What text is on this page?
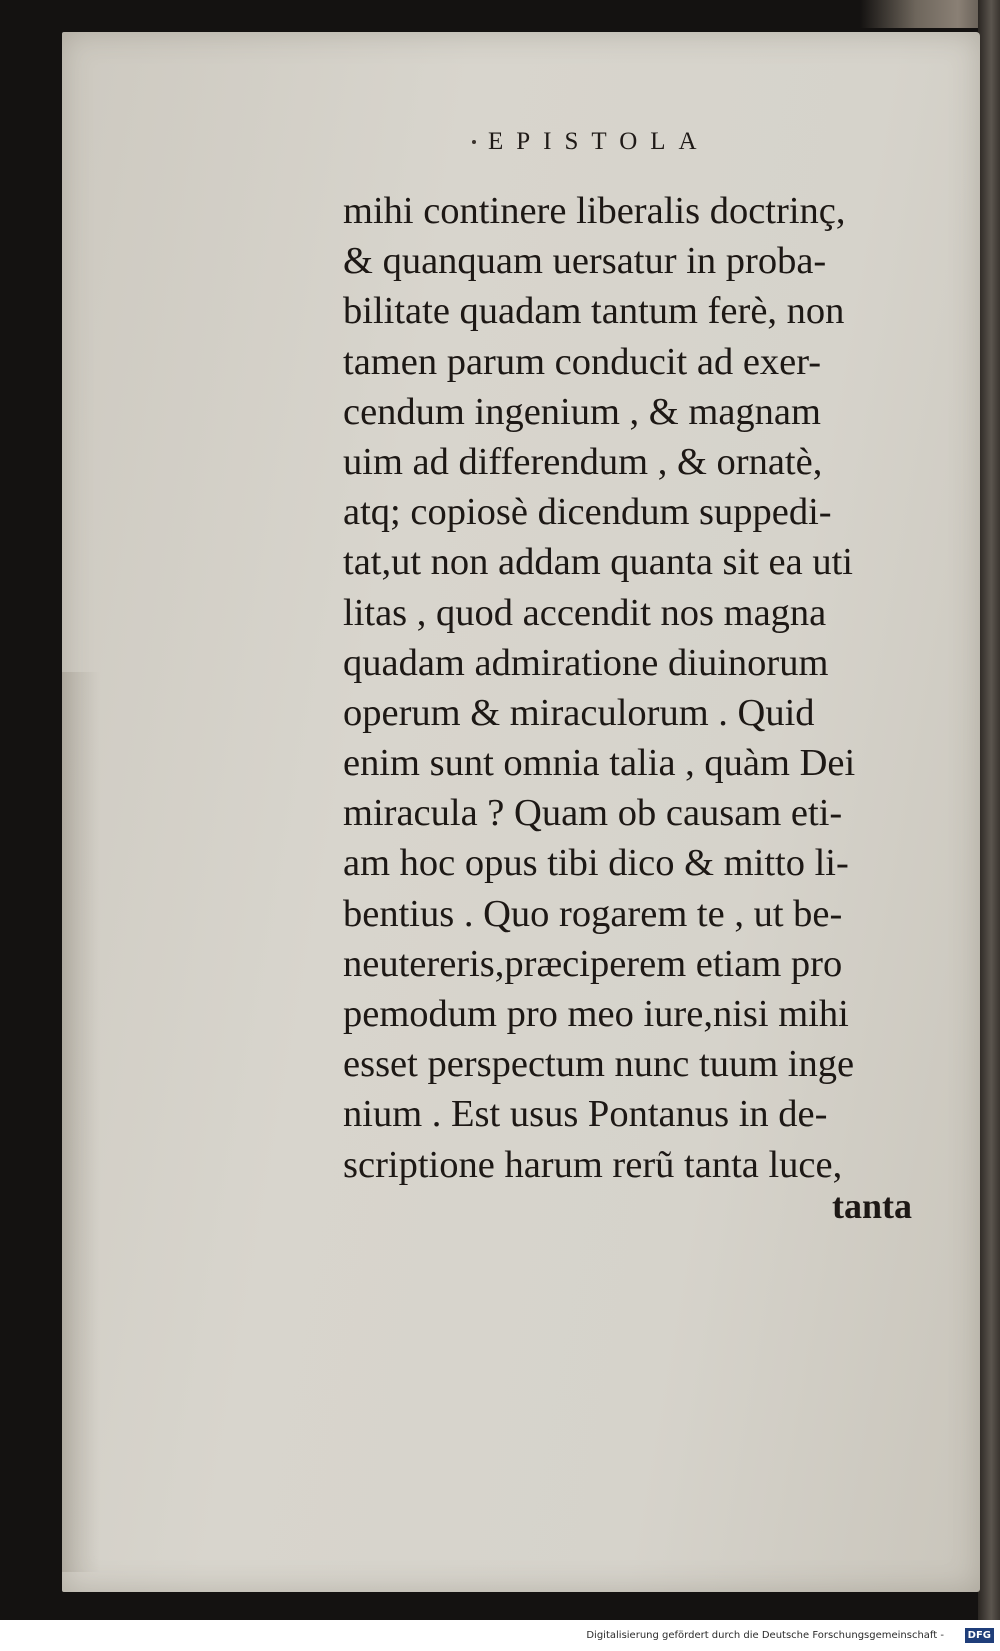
EPISTOLA
mihi continere liberalis doctrinç,
& quanquam uersatur in proba-
bilitate quadam tantum ferè, non
tamen parum conducit ad exer-
cendum ingenium , & magnam
uim ad differendum , & ornatè,
atq; copiosè dicendum suppedi-
tat,ut non addam quanta sit ea uti
litas , quod accendit nos magna
quadam admiratione diuinorum
operum & miraculorum . Quid
enim sunt omnia talia , quàm Dei
miracula ? Quam ob causam eti-
am hoc opus tibi dico & mitto li-
bentius . Quo rogarem te , ut be-
neutereris,præciperem etiam pro
pemodum pro meo iure,nisi mihi
esset perspectum nunc tuum inge
nium . Est usus Pontanus in de-
scriptione harum rerũ tanta luce,
tanta
Digitalisierung gefördert durch die Deutsche Forschungsgemeinschaft -	DFG
